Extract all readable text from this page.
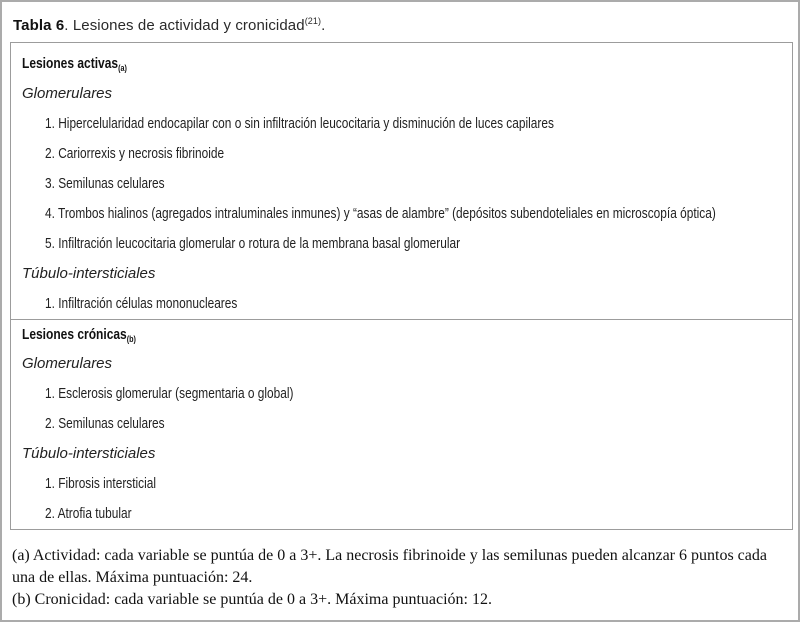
Tabla 6. Lesiones de actividad y cronicidad$^{(21)}$.
Lesiones activas$^{(a)}$
Glomerulares
1. Hipercelularidad endocapilar con o sin infiltración leucocitaria y disminución de luces capilares
2. Cariorrexis y necrosis fibrinoide
3. Semilunas celulares
4. Trombos hialinos (agregados intraluminales inmunes) y “asas de alambre” (depósitos subendoteliales en microscopía óptica)
5. Infiltración leucocitaria glomerular o rotura de la membrana basal glomerular
Túbulo-intersticiales
1. Infiltración células mononucleares
Lesiones crónicas$^{(b)}$
Glomerulares
1. Esclerosis glomerular (segmentaria o global)
2. Semilunas celulares
Túbulo-intersticiales
1. Fibrosis intersticial
2. Atrofia tubular

(a) Actividad: cada variable se puntúa de 0 a 3+. La necrosis fibrinoide y las semilunas pueden alcanzar 6 puntos cada una de ellas. Máxima puntuación: 24.

(b) Cronicidad: cada variable se puntúa de 0 a 3+. Máxima puntuación: 12.
